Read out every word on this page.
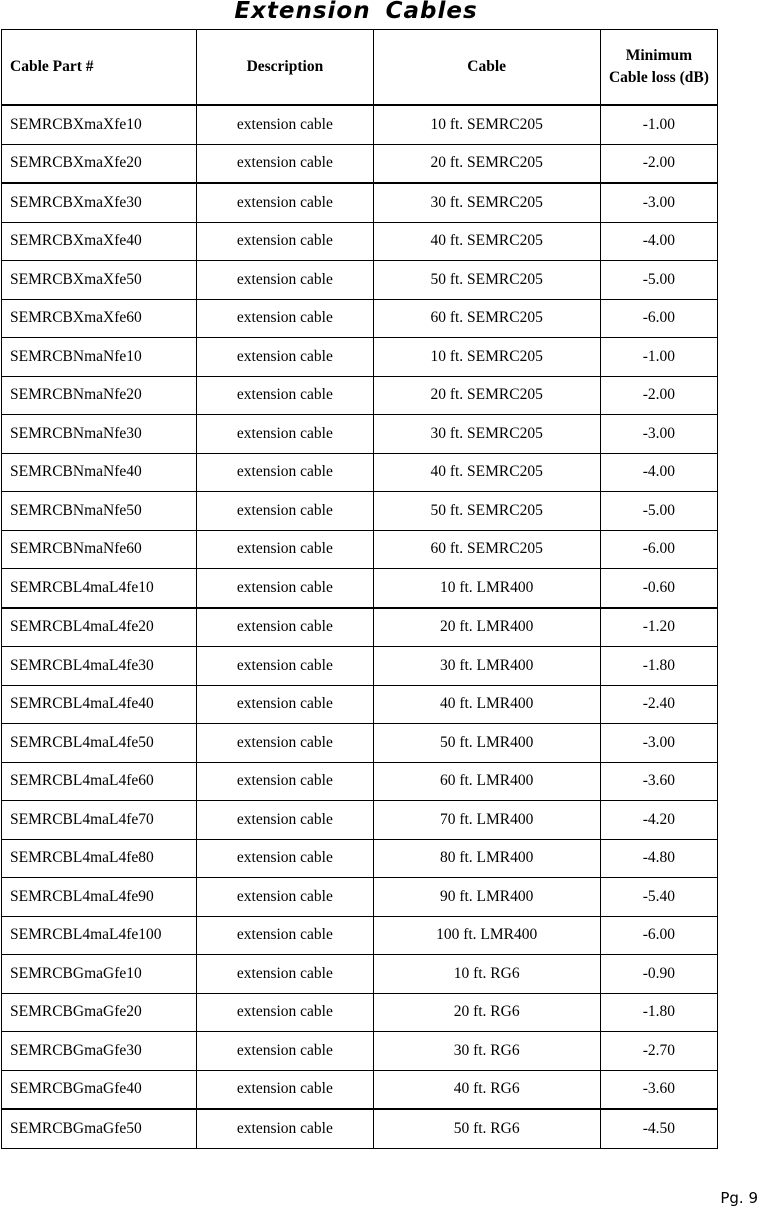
Extension Cables
Cable Part #	Description	Cable	Minimum Cable loss (dB)
SEMRCBXmaXfe10	extension cable	10 ft. SEMRC205	-1.00
SEMRCBXmaXfe20	extension cable	20 ft. SEMRC205	-2.00
SEMRCBXmaXfe30	extension cable	30 ft. SEMRC205	-3.00
SEMRCBXmaXfe40	extension cable	40 ft. SEMRC205	-4.00
SEMRCBXmaXfe50	extension cable	50 ft. SEMRC205	-5.00
SEMRCBXmaXfe60	extension cable	60 ft. SEMRC205	-6.00
SEMRCBNmaNfe10	extension cable	10 ft. SEMRC205	-1.00
SEMRCBNmaNfe20	extension cable	20 ft. SEMRC205	-2.00
SEMRCBNmaNfe30	extension cable	30 ft. SEMRC205	-3.00
SEMRCBNmaNfe40	extension cable	40 ft. SEMRC205	-4.00
SEMRCBNmaNfe50	extension cable	50 ft. SEMRC205	-5.00
SEMRCBNmaNfe60	extension cable	60 ft. SEMRC205	-6.00
SEMRCBL4maL4fe10	extension cable	10 ft. LMR400	-0.60
SEMRCBL4maL4fe20	extension cable	20 ft. LMR400	-1.20
SEMRCBL4maL4fe30	extension cable	30 ft. LMR400	-1.80
SEMRCBL4maL4fe40	extension cable	40 ft. LMR400	-2.40
SEMRCBL4maL4fe50	extension cable	50 ft. LMR400	-3.00
SEMRCBL4maL4fe60	extension cable	60 ft. LMR400	-3.60
SEMRCBL4maL4fe70	extension cable	70 ft. LMR400	-4.20
SEMRCBL4maL4fe80	extension cable	80 ft. LMR400	-4.80
SEMRCBL4maL4fe90	extension cable	90 ft. LMR400	-5.40
SEMRCBL4maL4fe100	extension cable	100 ft. LMR400	-6.00
SEMRCBGmaGfe10	extension cable	10 ft. RG6	-0.90
SEMRCBGmaGfe20	extension cable	20 ft. RG6	-1.80
SEMRCBGmaGfe30	extension cable	30 ft. RG6	-2.70
SEMRCBGmaGfe40	extension cable	40 ft. RG6	-3.60
SEMRCBGmaGfe50	extension cable	50 ft. RG6	-4.50
Pg. 9
